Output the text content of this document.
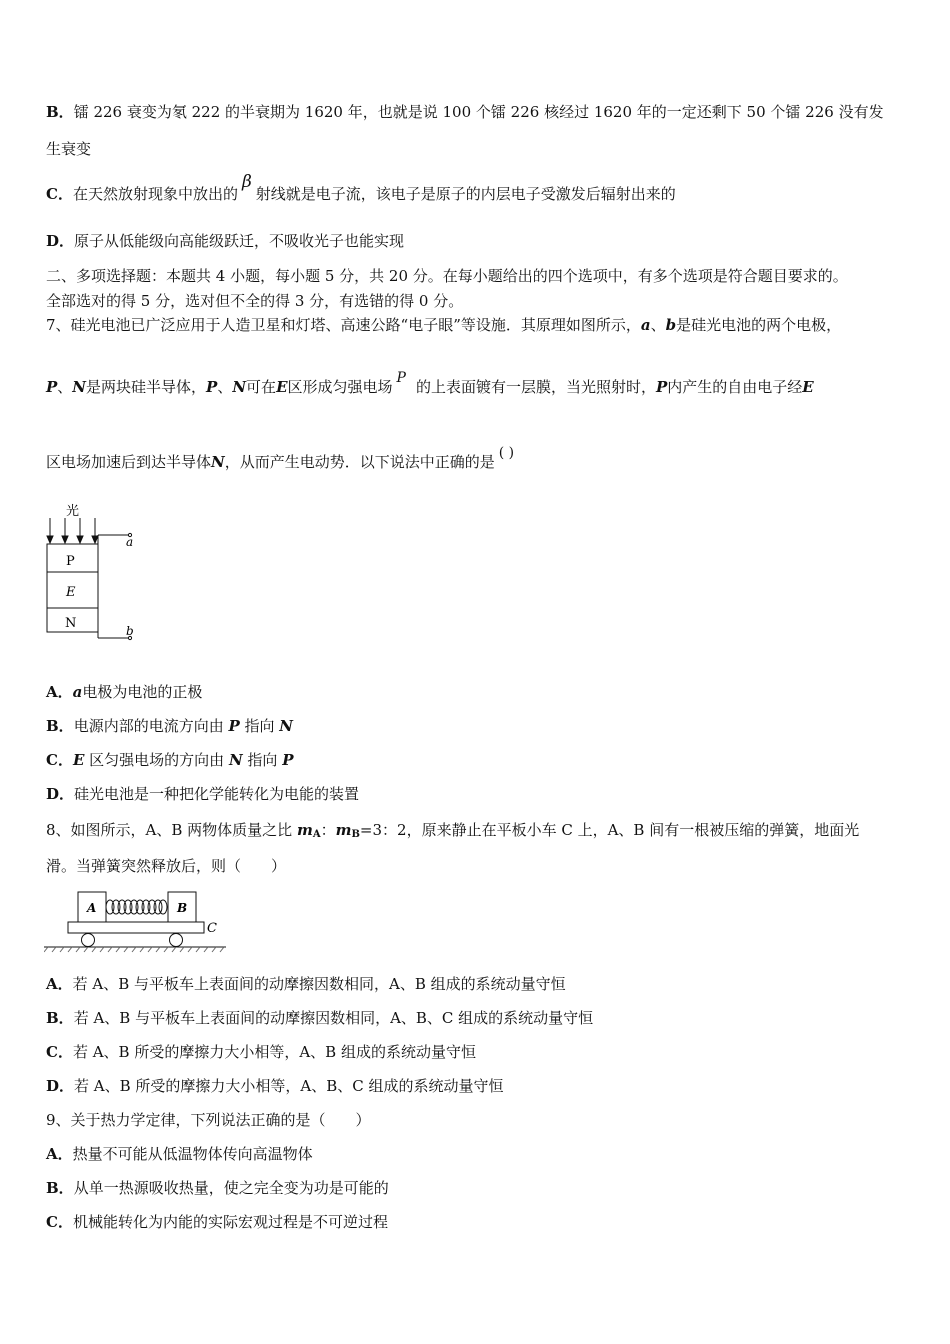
B．镭 226 衰变为氡 222 的半衰期为 1620 年，也就是说 100 个镭 226 核经过 1620 年的一定还剩下 50 个镭 226 没有发
生衰变
C．在天然放射现象中放出的β射线就是电子流，该电子是原子的内层电子受激发后辐射出来的
D．原子从低能级向高能级跃迁，不吸收光子也能实现
二、多项选择题：本题共 4 小题，每小题 5 分，共 20 分。在每小题给出的四个选项中，有多个选项是符合题目要求的。
全部选对的得 5 分，选对但不全的得 3 分，有选错的得 0 分。
7、硅光电池已广泛应用于人造卫星和灯塔、高速公路“电子眼”等设施．其原理如图所示，a、b是硅光电池的两个电极，
P、N是两块硅半导体，P、N可在E区形成匀强电场 P 的上表面镀有一层膜，当光照射时，P内产生的自由电子经E
区电场加速后到达半导体N，从而产生电动势．以下说法中正确的是 ( )
光
P
E
N
a
b
A．a电极为电池的正极
B．电源内部的电流方向由 P 指向 N
C．E 区匀强电场的方向由 N 指向 P
D．硅光电池是一种把化学能转化为电能的装置
8、如图所示，A、B 两物体质量之比 $m_A$：$m_B=3$：2，原来静止在平板小车 C 上，A、B 间有一根被压缩的弹簧，地面光
滑。当弹簧突然释放后，则（　　）
A	B
C
A．若 A、B 与平板车上表面间的动摩擦因数相同，A、B 组成的系统动量守恒
B．若 A、B 与平板车上表面间的动摩擦因数相同，A、B、C 组成的系统动量守恒
C．若 A、B 所受的摩擦力大小相等，A、B 组成的系统动量守恒
D．若 A、B 所受的摩擦力大小相等，A、B、C 组成的系统动量守恒
9、关于热力学定律，下列说法正确的是（　　）
A．热量不可能从低温物体传向高温物体
B．从单一热源吸收热量，使之完全变为功是可能的
C．机械能转化为内能的实际宏观过程是不可逆过程
